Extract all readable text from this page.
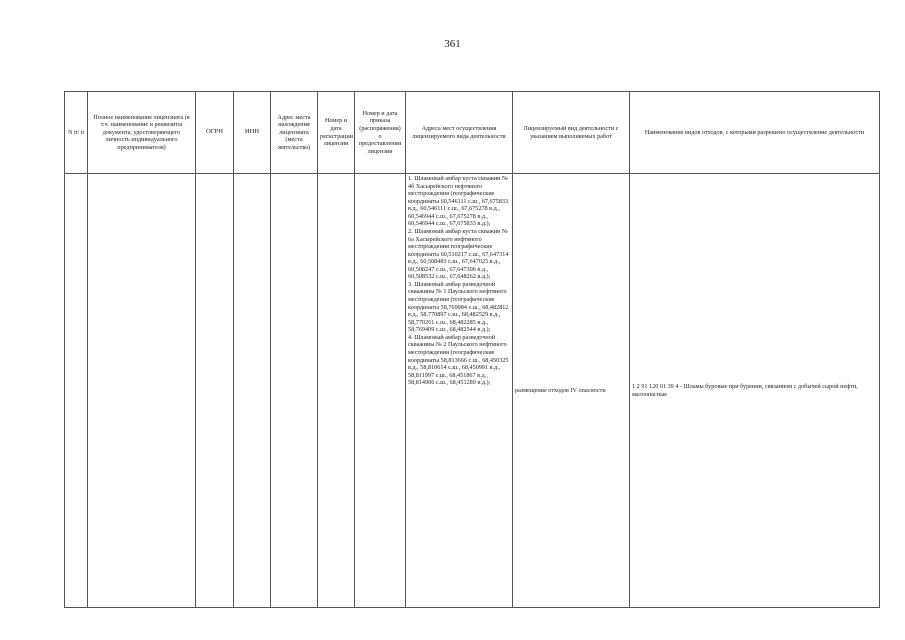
361
N п/ п	Полное наименование лицензиата (в т.ч. наименование и реквизиты документа, удостоверяющего личность индивидуального предпринимателя)	ОГРН	ИНН	Адрес места нахождения лицензиата (места жительства)	Номер и дата регистрации лицензии	Номер и дата приказа (распоряжения) о предоставлении лицензии	Адреса мест осуществления лицензируемого вида деятельности	Лицензируемый вид деятельности с указанием выполняемых работ	Наименование видов отходов, с которыми разрешено осуществление деятельности

							1. Шламовый амбар куста скважин № 4б Хасырейского нефтяного месторождения (географические координаты 60,546111 с.ш., 67,675833 в.д., 60,546111 с.ш., 67,675278 в.д., 60,546944 с.ш., 67,675278 в.д., 60,546944 с.ш., 67,675833 в.д.);
2. Шламовый амбар куста скважин № 6а Хасырейского нефтяного месторождения географические координаты 60,510217 с.ш., 67,647314 в.д., 60,508483 с.ш., 67,647025 в.д., 60,508247 с.ш., 67,647306 в.д., 60,508532 с.ш., 67,648262 в.д.);
3. Шламовый амбар разведочной скважины № 1 Паульского нефтяного месторождения (географические координаты 58,769984 с.ш., 68,482812 в.д., 58,770897 с.ш., 68,482529 в.д., 58,770261 с.ш., 68,482285 в.д., 58,769409 с.ш., 68,482544 в.д.);
4. Шламовый амбар разведочной скважины № 2 Паульского нефтяного месторождения (географические координаты 58,813666 с.ш., 68,450325 в.д., 58,810614 с.ш., 68,450991 в.д., 58,811997 с.ш., 68,451867 в.д., 58,814906 с.ш., 68,451289 в.д.);	размещение отходов IV опасности	1 2 91 120 01 39 4 - Шламы буровые при бурении, связанном с добычей сырой нефти, малоопасные
